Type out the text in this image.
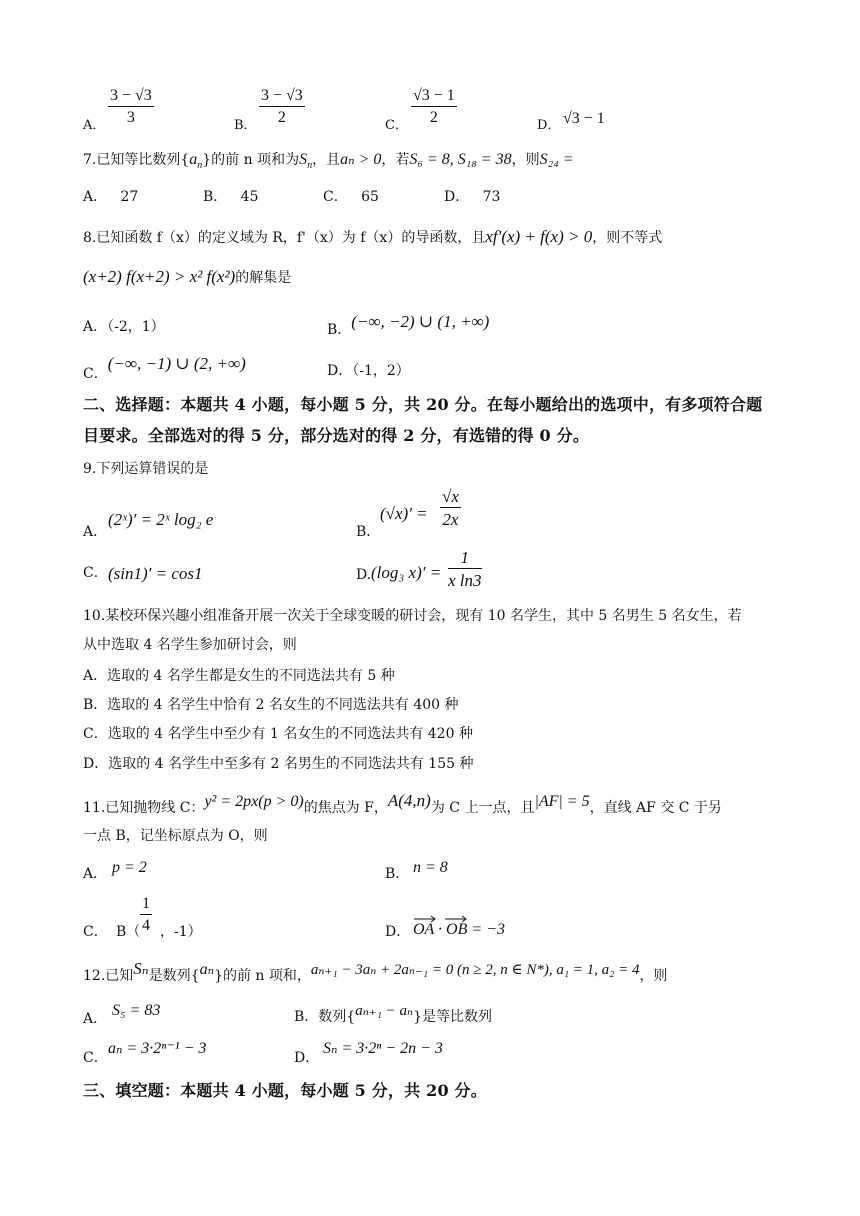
A． $\frac{3 - √3}{3}$	B． $\frac{3 - √3}{2}$	C． $\frac{√3 - 1}{2}$	D． √3 − 1
7.已知等比数列$\{a_n\}$的前 n 项和为$S_n$，且aₙ > 0，若S₆ = 8, S₁₈ = 38，则S₂₄ =
A． 27	B． 45	C． 65	D． 73
8.已知函数 f（x）的定义域为 R，f'（x）为 f（x）的导函数，且xf′(x) + f(x) > 0，则不等式
(x+2) f(x+2) > x² f(x²)的解集是
A．（-2，1）	B．(−∞, −2) ∪ (1, +∞)
C．(−∞, −1) ∪ (2, +∞)	D．（-1，2）
二、选择题：本题共 4 小题，每小题 5 分，共 20 分。在每小题给出的选项中，有多项符合题
目要求。全部选对的得 5 分，部分选对的得 2 分，有选错的得 0 分。
9.下列运算错误的是
A．
(2ˣ)′ = 2ˣ log₂ e
B．
$(√x)' = \frac{√x}{2x}$
C． (sin1)′ = cos1	D. (log₃ $x)' = \frac{1}{\text{x ln3}}$
10.某校环保兴趣小组准备开展一次关于全球变暖的研讨会，现有 10 名学生，其中 5 名男生 5 名女生，若
从中选取 4 名学生参加研讨会，则
A．选取的 4 名学生都是女生的不同选法共有 5 种
B．选取的 4 名学生中恰有 2 名女生的不同选法共有 400 种
C．选取的 4 名学生中至少有 1 名女生的不同选法共有 420 种
D．选取的 4 名学生中至多有 2 名男生的不同选法共有 155 种
11.已知抛物线 C：y² = 2px(p > 0)的焦点为 F，A(4,n)为 C 上一点，且|AF| = 5，直线 AF 交 C 于另
一点 B，记坐标原点为 O，则
A． p = 2	B． n = 8
C． $B( \frac{1}{4}$ ，-1）	D． OA · OB = −3
12.已知Sₙ是数列{aₙ}的前 n 项和，aₙ₊₁ − 3aₙ + 2aₙ₋₁ = 0 (n ≥ 2, n ∈ N*), a₁ = 1, a₂ = 4，则
A． S₅ = 83	B．数列{aₙ₊₁ − aₙ}是等比数列
C．
aₙ = 3·2ⁿ⁻¹ − 3
D．
Sₙ = 3·2ⁿ − 2n − 3
三、填空题：本题共 4 小题，每小题 5 分，共 20 分。
